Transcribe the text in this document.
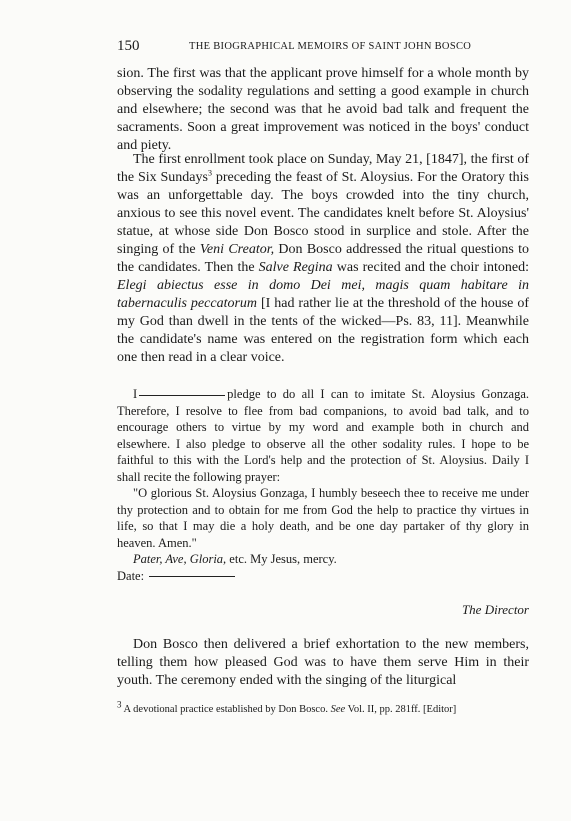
150	THE BIOGRAPHICAL MEMOIRS OF SAINT JOHN BOSCO

sion. The first was that the applicant prove himself for a whole month by observing the sodality regulations and setting a good example in church and elsewhere; the second was that he avoid bad talk and frequent the sacraments. Soon a great improvement was noticed in the boys' conduct and piety.

The first enrollment took place on Sunday, May 21, [1847], the first of the Six Sundays$^3$ preceding the feast of St. Aloysius. For the Oratory this was an unforgettable day. The boys crowded into the tiny church, anxious to see this novel event. The candidates knelt before St. Aloysius' statue, at whose side Don Bosco stood in surplice and stole. After the singing of the Veni Creator, Don Bosco addressed the ritual questions to the candidates. Then the Salve Regina was recited and the choir intoned: Elegi abiectus esse in domo Dei mei, magis quam habitare in tabernaculis peccatorum [I had rather lie at the threshold of the house of my God than dwell in the tents of the wicked—Ps. 83, 11]. Meanwhile the candidate's name was entered on the registration form which each one then read in a clear voice.

I	pledge to do all I can to imitate St. Aloysius Gonzaga. Therefore, I resolve to flee from bad companions, to avoid bad talk, and to encourage others to virtue by my word and example both in church and elsewhere. I also pledge to observe all the other sodality rules. I hope to be faithful to this with the Lord's help and the protection of St. Aloysius. Daily I shall recite the following prayer:

"O glorious St. Aloysius Gonzaga, I humbly beseech thee to receive me under thy protection and to obtain for me from God the help to practice thy virtues in life, so that I may die a holy death, and be one day partaker of thy glory in heaven. Amen."

Pater, Ave, Gloria, etc. My Jesus, mercy.

Date:

The Director

Don Bosco then delivered a brief exhortation to the new members, telling them how pleased God was to have them serve Him in their youth. The ceremony ended with the singing of the liturgical

3 A devotional practice established by Don Bosco. See Vol. II, pp. 281ff. [Editor]
